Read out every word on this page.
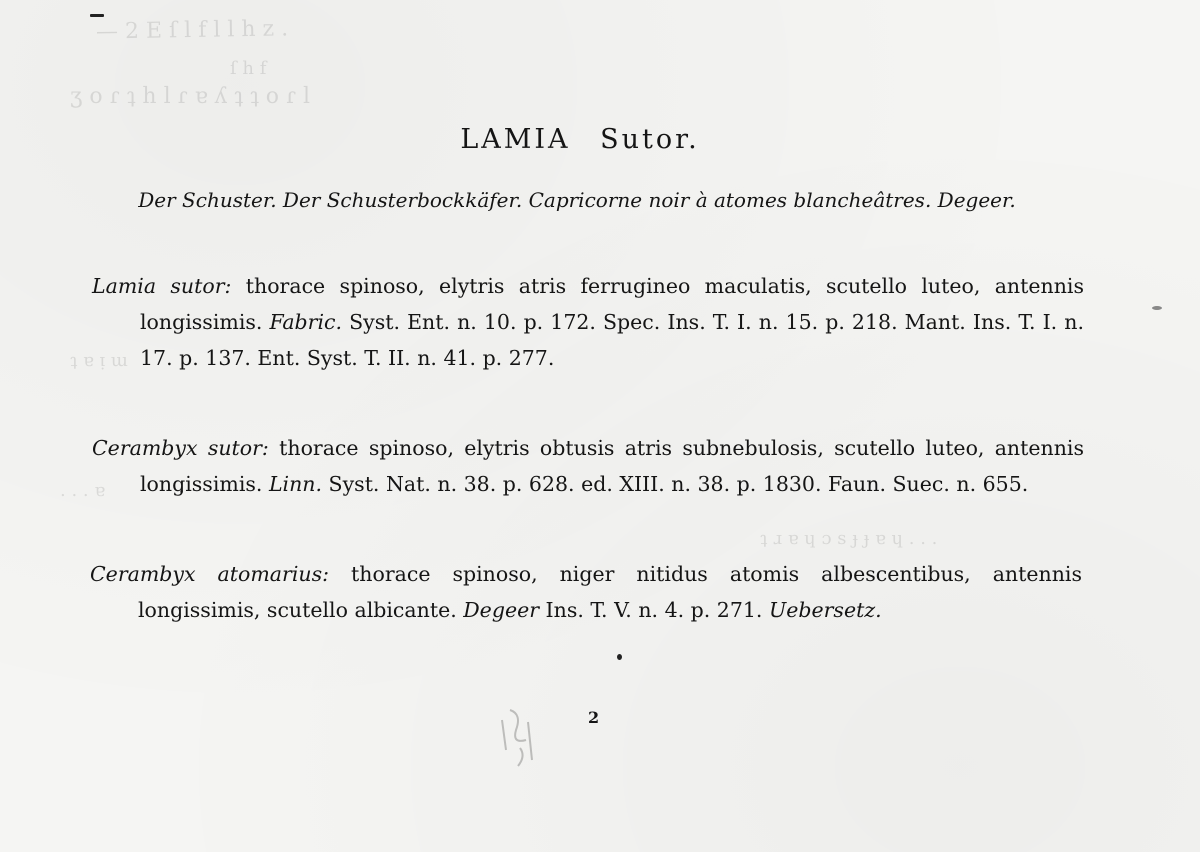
— 2 E ſ l f l l h z .
ſ h f
ʒ o ɾ ʇ h l ɾ ɐ ʎ ʇ ʇ o ɾ l
ʇ ɐ ᴉ ɯ
. . . ɐ
ʇ ɹ ɐ ɥ ɔ s ɟ ɟ ɐ ɥ . . .
LAMIA Sutor.
Der Schuster. Der Schusterbockkäfer. Capricorne noir à atomes blancheâtres. Degeer.
Lamia sutor: thorace spinoso, elytris atris ferrugineo maculatis, scutello luteo, antennis longissimis. Fabric. Syst. Ent. n. 10. p. 172. Spec. Ins. T. I. n. 15. p. 218. Mant. Ins. T. I. n. 17. p. 137. Ent. Syst. T. II. n. 41. p. 277.
Cerambyx sutor: thorace spinoso, elytris obtusis atris subnebulosis, scutello luteo, antennis longissimis. Linn. Syst. Nat. n. 38. p. 628. ed. XIII. n. 38. p. 1830. Faun. Suec. n. 655.
Cerambyx atomarius: thorace spinoso, niger nitidus atomis albescentibus, antennis longissimis, scutello albicante. Degeer Ins. T. V. n. 4. p. 271. Uebersetz.
2
